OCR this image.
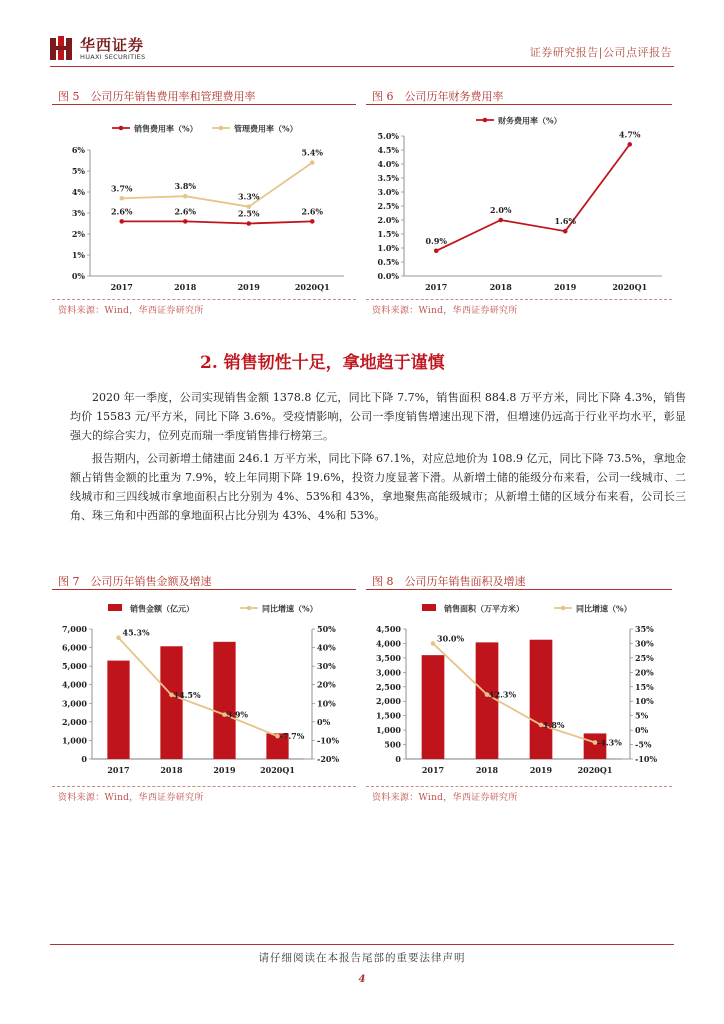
华西证券
HUAXI SECURITIES	证券研究报告|公司点评报告
图 5　公司历年销售费用率和管理费用率
0%
1%
2%
3%
4%
5%
6%
2017	2018	2019	2020Q1
销售费用率（%）	管理费用率（%）
2.6%	2.6%	2.5%	2.6%
3.7%	3.8%
3.3%
5.4%
资料来源：Wind，华西证券研究所
图 6　公司历年财务费用率
0.0%
0.5%
1.0%
1.5%
2.0%
2.5%
3.0%
3.5%
4.0%
4.5%
5.0%
2017	2018	2019	2020Q1
财务费用率（%）
0.9%
2.0%
1.6%
4.7%
资料来源：Wind，华西证券研究所
2. 销售韧性十足，拿地趋于谨慎

2020 年一季度，公司实现销售金额 1378.8 亿元，同比下降 7.7%，销售面积 884.8 万平方米，同比下降 4.3%，销售均价 15583 元/平方米，同比下降 3.6%。受疫情影响，公司一季度销售增速出现下滑，但增速仍远高于行业平均水平，彰显强大的综合实力，位列克而瑞一季度销售排行榜第三。

报告期内，公司新增土储建面 246.1 万平方米，同比下降 67.1%，对应总地价为 108.9 亿元，同比下降 73.5%，拿地金额占销售金额的比重为 7.9%，较上年同期下降 19.6%，投资力度显著下滑。从新增土储的能级分布来看，公司一线城市、二线城市和三四线城市拿地面积占比分别为 4%、53%和 43%，拿地聚焦高能级城市；从新增土储的区域分布来看，公司长三角、珠三角和中西部的拿地面积占比分别为 43%、4%和 53%。

图 7　公司历年销售金额及增速
0
1,000
2,000
3,000
4,000
5,000
6,000
7,000
2017	2018	2019	2020Q1
-20%
-10%
0%
10%
20%
30%
40%
50%
销售金额（亿元）	同比增速（%）
45.3%
14.5%
3.9%
-7.7%
资料来源：Wind，华西证券研究所
图 8　公司历年销售面积及增速
0
500
1,000
1,500
2,000
2,500
3,000
3,500
4,000
4,500
2017	2018	2019	2020Q1
-10%
-5%
0%
5%
10%
15%
20%
25%
30%
35%
销售面积（万平方米）	同比增速（%）
30.0%
12.3%
1.8%
-4.3%
资料来源：Wind，华西证券研究所
请仔细阅读在本报告尾部的重要法律声明
4
